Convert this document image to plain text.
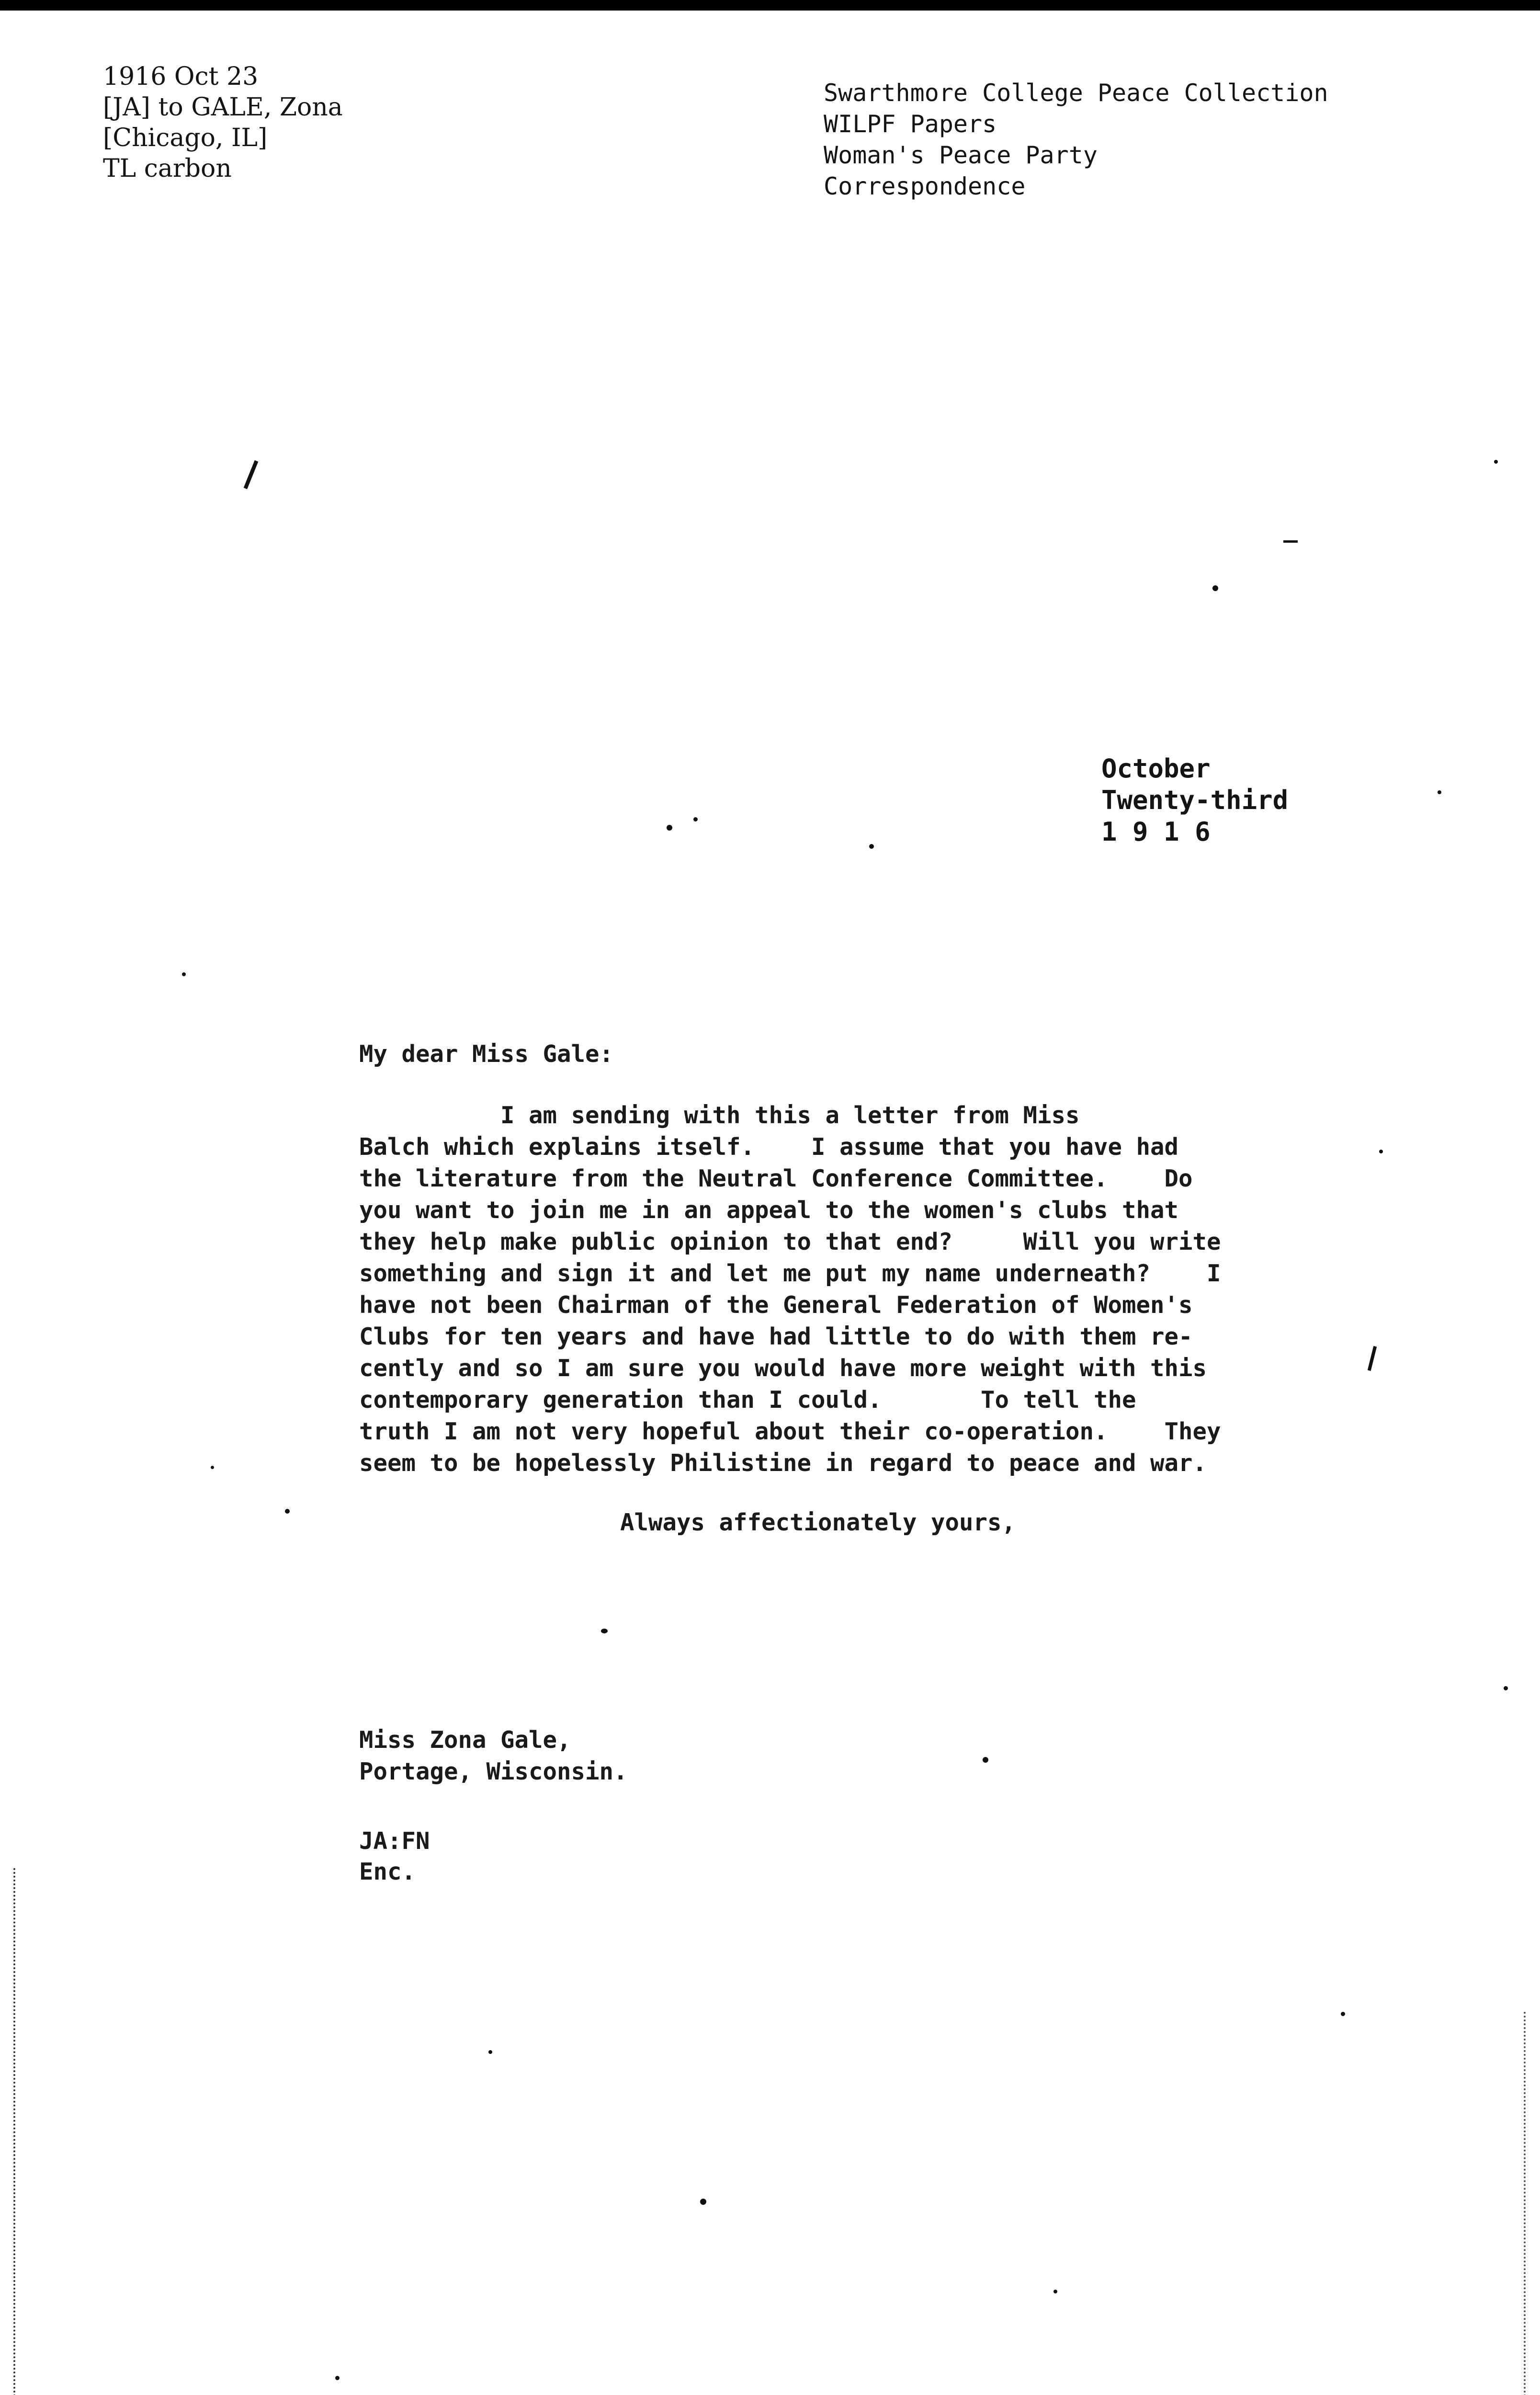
1916 Oct 23
[JA] to GALE, Zona
[Chicago, IL]
TL carbon
Swarthmore College Peace Collection
WILPF Papers
Woman's Peace Party
Correspondence
October
Twenty-third
1 9 1 6
My dear Miss Gale:
I am sending with this a letter from Miss
Balch which explains itself.    I assume that you have had
the literature from the Neutral Conference Committee.    Do
you want to join me in an appeal to the women's clubs that
they help make public opinion to that end?     Will you write
something and sign it and let me put my name underneath?    I
have not been Chairman of the General Federation of Women's
Clubs for ten years and have had little to do with them re-
cently and so I am sure you would have more weight with this
contemporary generation than I could.       To tell the
truth I am not very hopeful about their co-operation.    They
seem to be hopelessly Philistine in regard to peace and war.
Always affectionately yours,
Miss Zona Gale,
Portage, Wisconsin.
JA:FN
Enc.
